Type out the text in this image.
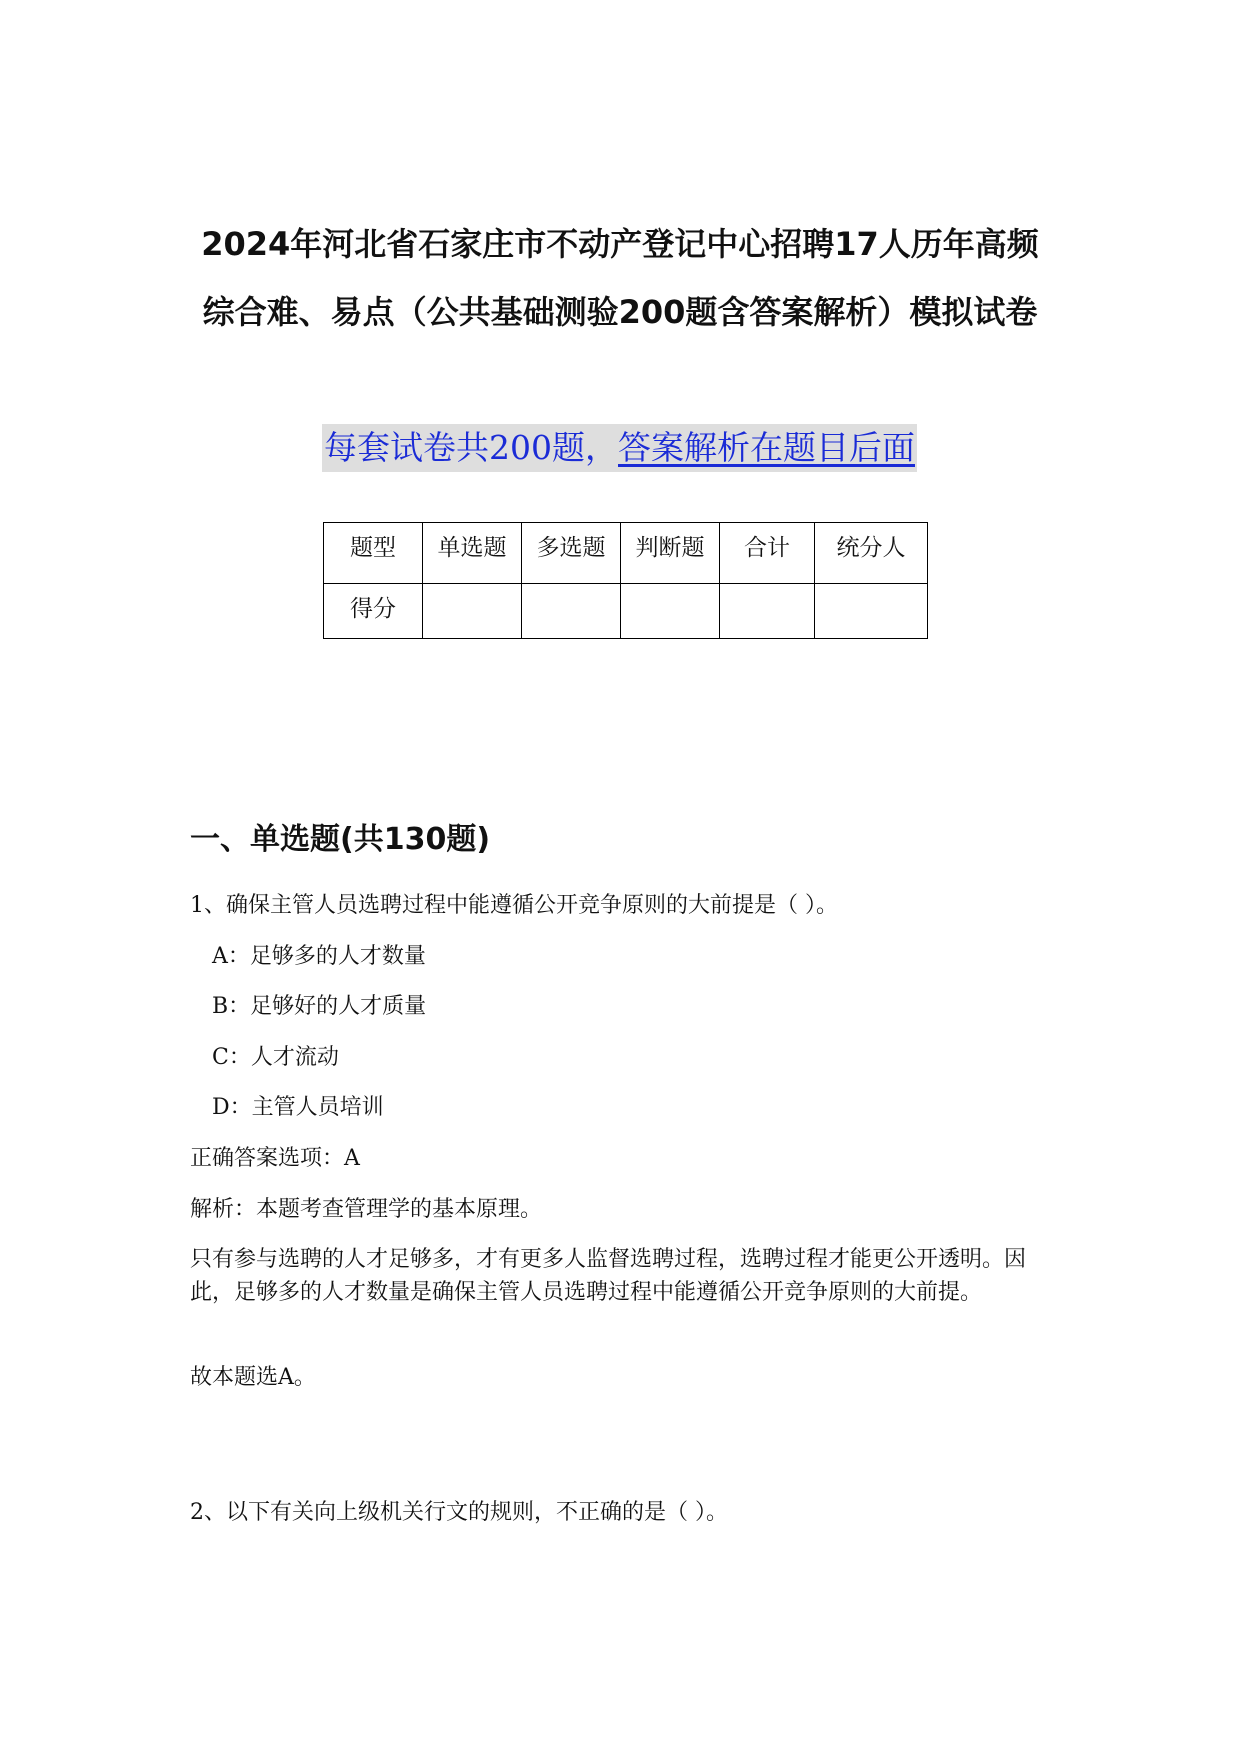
2024年河北省石家庄市不动产登记中心招聘17人历年高频
综合难、易点（公共基础测验200题含答案解析）模拟试卷
每套试卷共200题，答案解析在题目后面
题型	单选题	多选题	判断题	合计	统分人
得分					
一、单选题(共130题)

1、确保主管人员选聘过程中能遵循公开竞争原则的大前提是（ ）。

A：足够多的人才数量

B：足够好的人才质量

C：人才流动

D：主管人员培训

正确答案选项：A

解析：本题考查管理学的基本原理。

只有参与选聘的人才足够多，才有更多人监督选聘过程，选聘过程才能更公开透明。因此，足够多的人才数量是确保主管人员选聘过程中能遵循公开竞争原则的大前提。

故本题选A。

2、以下有关向上级机关行文的规则，不正确的是（ ）。
